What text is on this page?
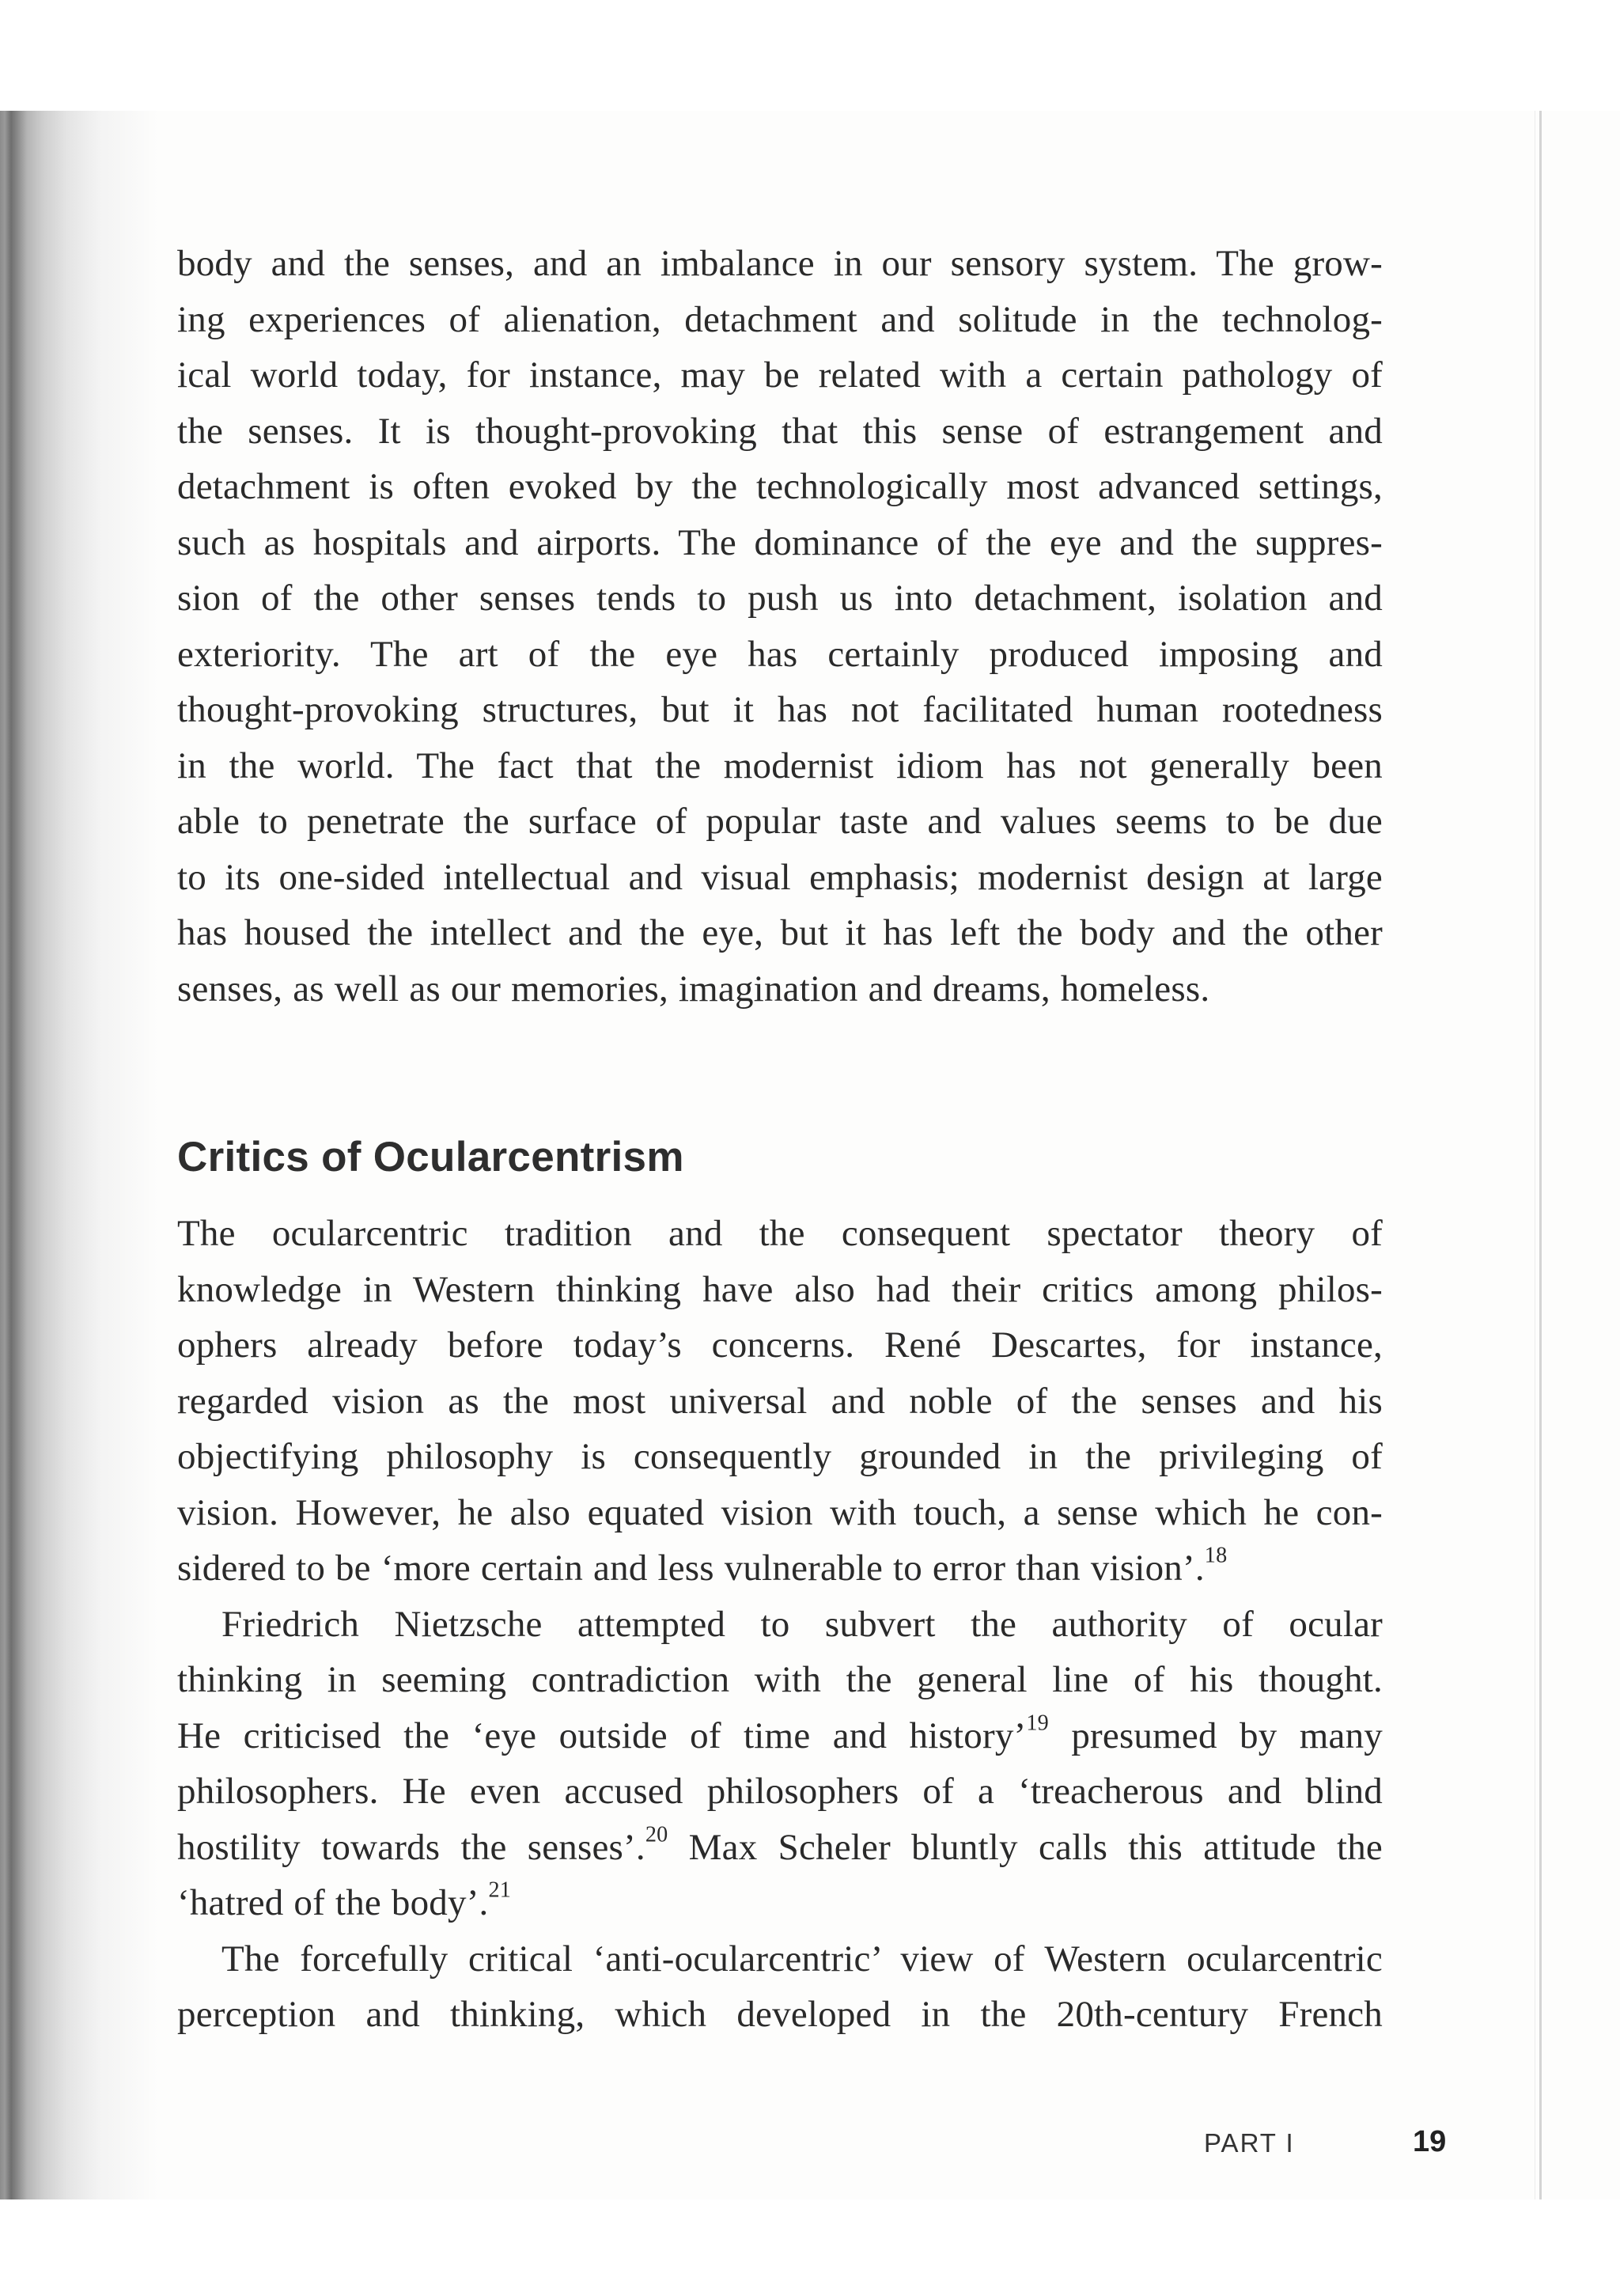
body and the senses, and an imbalance in our sensory system. The grow-
ing experiences of alienation, detachment and solitude in the technolog-
ical world today, for instance, may be related with a certain pathology of
the senses. It is thought-provoking that this sense of estrangement and
detachment is often evoked by the technologically most advanced settings,
such as hospitals and airports. The dominance of the eye and the suppres-
sion of the other senses tends to push us into detachment, isolation and
exteriority. The art of the eye has certainly produced imposing and
thought-provoking structures, but it has not facilitated human rootedness
in the world. The fact that the modernist idiom has not generally been
able to penetrate the surface of popular taste and values seems to be due
to its one-sided intellectual and visual emphasis; modernist design at large
has housed the intellect and the eye, but it has left the body and the other
senses, as well as our memories, imagination and dreams, homeless.
Critics of Ocularcentrism
The ocularcentric tradition and the consequent spectator theory of
knowledge in Western thinking have also had their critics among philos-
ophers already before today’s concerns. René Descartes, for instance,
regarded vision as the most universal and noble of the senses and his
objectifying philosophy is consequently grounded in the privileging of
vision. However, he also equated vision with touch, a sense which he con-
sidered to be ‘more certain and less vulnerable to error than vision’.$^{18}$
Friedrich Nietzsche attempted to subvert the authority of ocular
thinking in seeming contradiction with the general line of his thought.
He criticised the ‘eye outside of time and history’$^{19}$ presumed by many
philosophers. He even accused philosophers of a ‘treacherous and blind
hostility towards the senses’.$^{20}$ Max Scheler bluntly calls this attitude the
‘hatred of the body’.$^{21}$
The forcefully critical ‘anti-ocularcentric’ view of Western ocularcentric
perception and thinking, which developed in the 20th-century French
PART I	19
